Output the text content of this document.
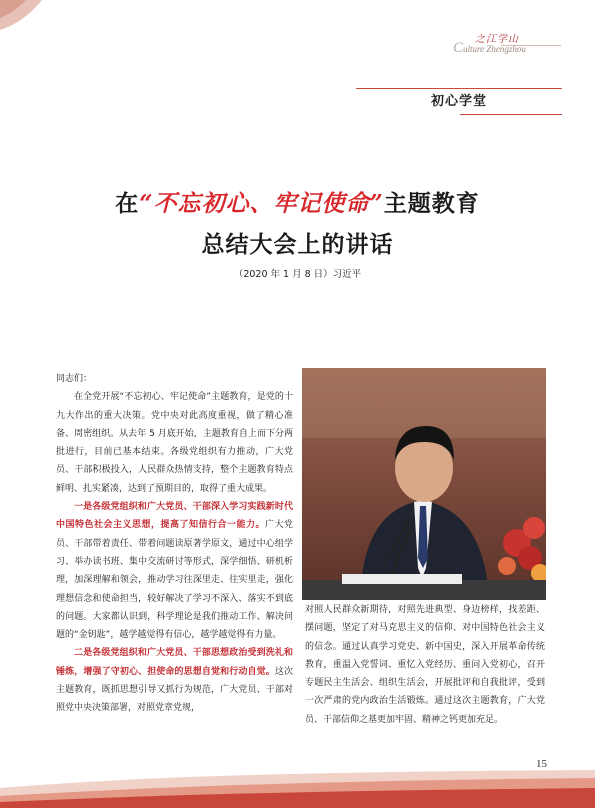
之江学山
Culture Zhengzhou
初心学堂
在“不忘初心、牢记使命”主题教育
总结大会上的讲话
（2020 年 1 月 8 日）习近平

同志们：

在全党开展“不忘初心、牢记使命”主题教育，是党的十九大作出的重大决策。党中央对此高度重视，做了精心准备、周密组织。从去年 5 月底开始，主题教育自上而下分两批进行，目前已基本结束。各级党组织有力推动，广大党员、干部积极投入，人民群众热情支持，整个主题教育特点鲜明、扎实紧凑，达到了预期目的，取得了重大成果。

一是各级党组织和广大党员、干部深入学习实践新时代中国特色社会主义思想，提高了知信行合一能力。广大党员、干部带着责任、带着问题读原著学原文，通过中心组学习、举办读书班、集中交流研讨等形式，深学细悟、研机析理，加深理解和领会，推动学习往深里走、往实里走，强化理想信念和使命担当，较好解决了学习不深入、落实不到底的问题。大家都认识到，科学理论是我们推动工作、解决问题的“金钥匙”，越学越觉得有信心，越学越觉得有力量。

二是各级党组织和广大党员、干部思想政治受到洗礼和锤炼，增强了守初心、担使命的思想自觉和行动自觉。这次主题教育，既抓思想引导又抓行为规范，广大党员、干部对照党中央决策部署，对照党章党规，

对照人民群众新期待，对照先进典型、身边榜样，找差距、摆问题，坚定了对马克思主义的信仰、对中国特色社会主义的信念。通过认真学习党史、新中国史，深入开展革命传统教育，重温入党誓词、重忆入党经历、重问入党初心，召开专题民主生活会、组织生活会，开展批评和自我批评，受到一次严肃的党内政治生活锻炼。通过这次主题教育，广大党员、干部信仰之基更加牢固、精神之钙更加充足。

15
